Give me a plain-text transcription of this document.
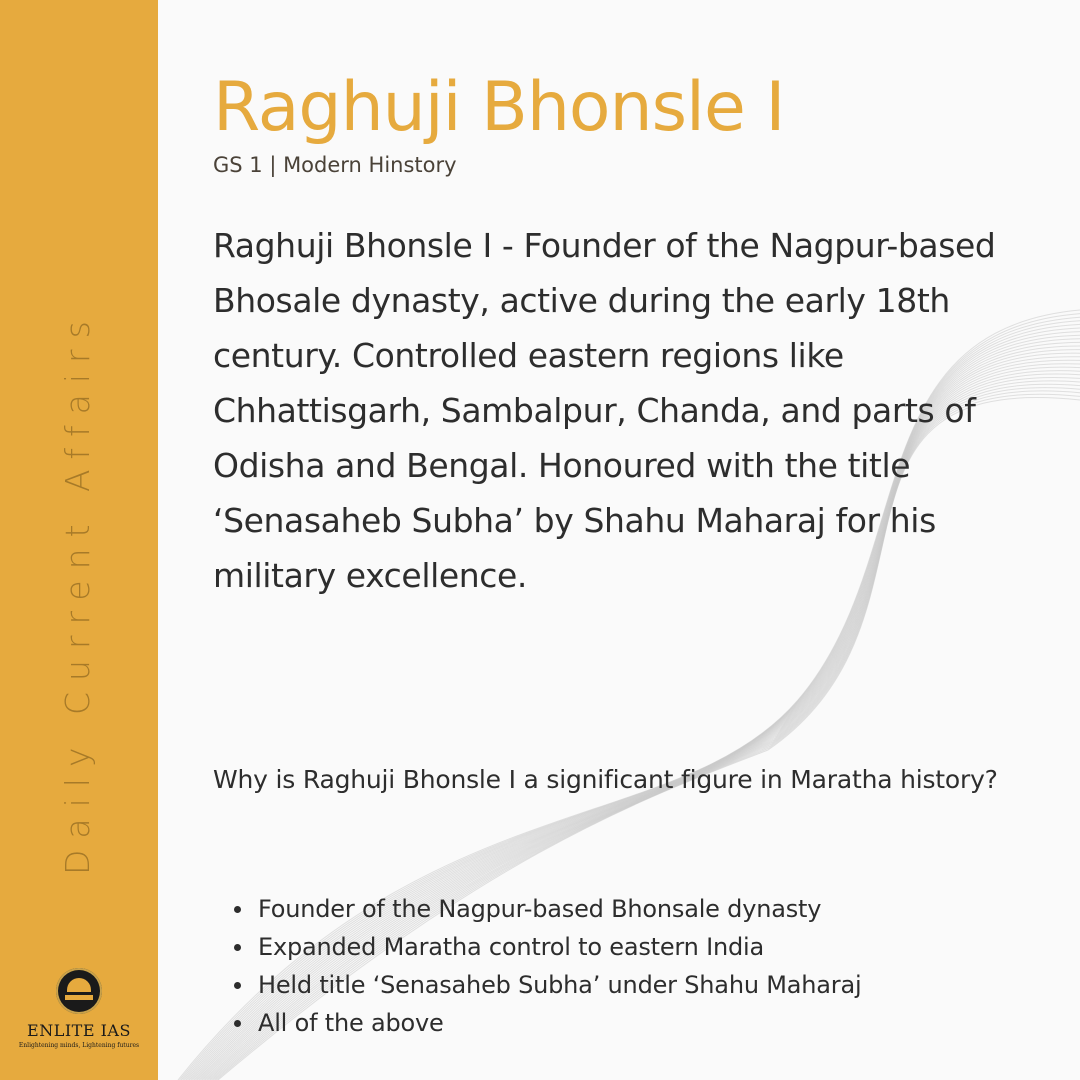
Daily Current Affairs
ENLITE IAS
Enlightening minds, Lightening futures
Raghuji Bhonsle I

GS 1 | Modern Hinstory

Raghuji Bhonsle I - Founder of the Nagpur-based Bhosale dynasty, active during the early 18th century. Controlled eastern regions like Chhattisgarh, Sambalpur, Chanda, and parts of Odisha and Bengal. Honoured with the title ‘Senasaheb Subha’ by Shahu Maharaj for his military excellence.

Why is Raghuji Bhonsle I a significant figure in Maratha history?

Founder of the Nagpur-based Bhonsale dynasty
Expanded Maratha control to eastern India
Held title ‘Senasaheb Subha’ under Shahu Maharaj
All of the above
